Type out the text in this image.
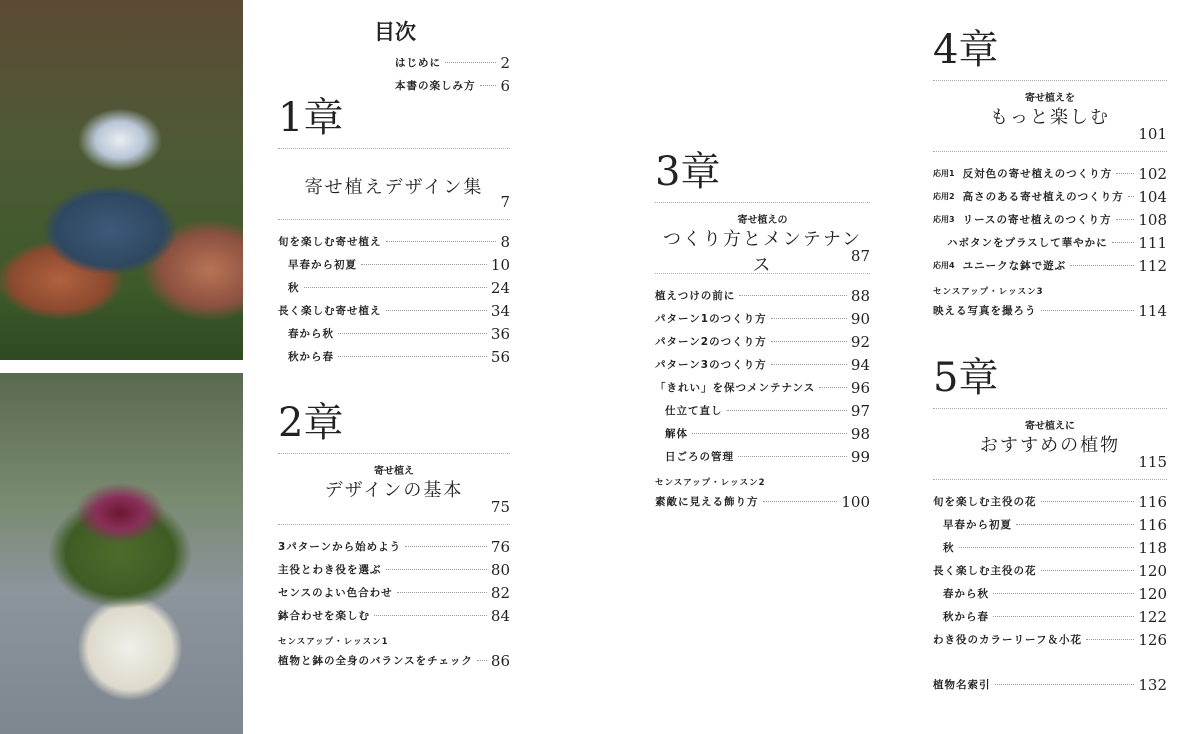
目次
はじめに	2
本書の楽しみ方 6
1章
寄せ植えデザイン集
7
旬を楽しむ寄せ植え	8
早春から初夏	10
秋	24
長く楽しむ寄せ植え	34
春から秋	36
秋から春	56
2章
寄せ植え
デザインの基本
75
3パターンから始めよう	76
主役とわき役を選ぶ	80
センスのよい色合わせ	82
鉢合わせを楽しむ	84
センスアップ・レッスン1
植物と鉢の全身のバランスをチェック 86
3章
寄せ植えの
つくり方とメンテナンス	87
植えつけの前に	88
パターン1のつくり方	90
パターン2のつくり方	92
パターン3のつくり方	94
「きれい」を保つメンテナンス 96
仕立て直し	97
解体	98
日ごろの管理	99
センスアップ・レッスン2
素敵に見える飾り方	100
4章
寄せ植えを
もっと楽しむ
101
応用1 反対色の寄せ植えのつくり方 102
応用2 高さのある寄せ植えのつくり方 104
応用3 リースの寄せ植えのつくり方 108
ハボタンをプラスして華やかに 111
応用4 ユニークな鉢で遊ぶ	112
センスアップ・レッスン3
映える写真を撮ろう	114
5章
寄せ植えに
おすすめの植物
115
旬を楽しむ主役の花	116
早春から初夏	116
秋	118
長く楽しむ主役の花	120
春から秋	120
秋から春	122
わき役のカラーリーフ＆小花	126
植物名索引	132
